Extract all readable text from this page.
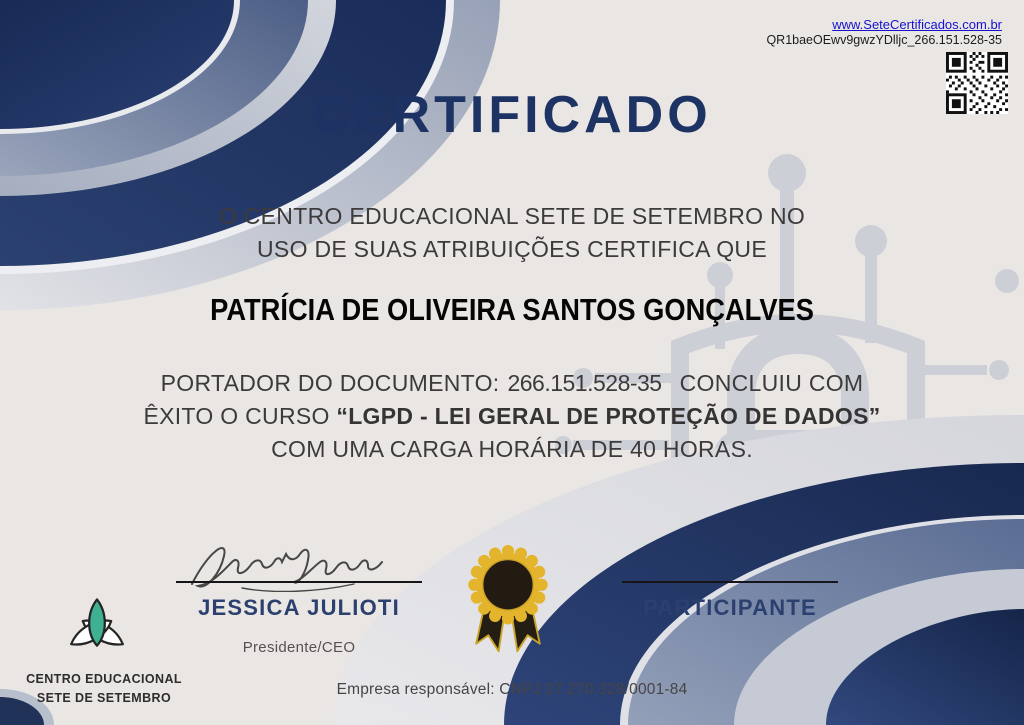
www.SeteCertificados.com.br
QR1baeOEwv9gwzYDlljc_266.151.528-35
CERTIFICADO

O CENTRO EDUCACIONAL SETE DE SETEMBRO NO
USO DE SUAS ATRIBUIÇÕES CERTIFICA QUE

PATRÍCIA DE OLIVEIRA SANTOS GONÇALVES

PORTADOR DO DOCUMENTO: 266.151.528-35 CONCLUIU COM

ÊXITO O CURSO “LGPD - LEI GERAL DE PROTEÇÃO DE DADOS”

COM UMA CARGA HORÁRIA DE 40 HORAS.

JESSICA JULIOTI
Presidente/CEO
PARTICIPANTE
CENTRO EDUCACIONAL
SETE DE SETEMBRO	Empresa responsável: CNPJ 27.270.328/0001-84
